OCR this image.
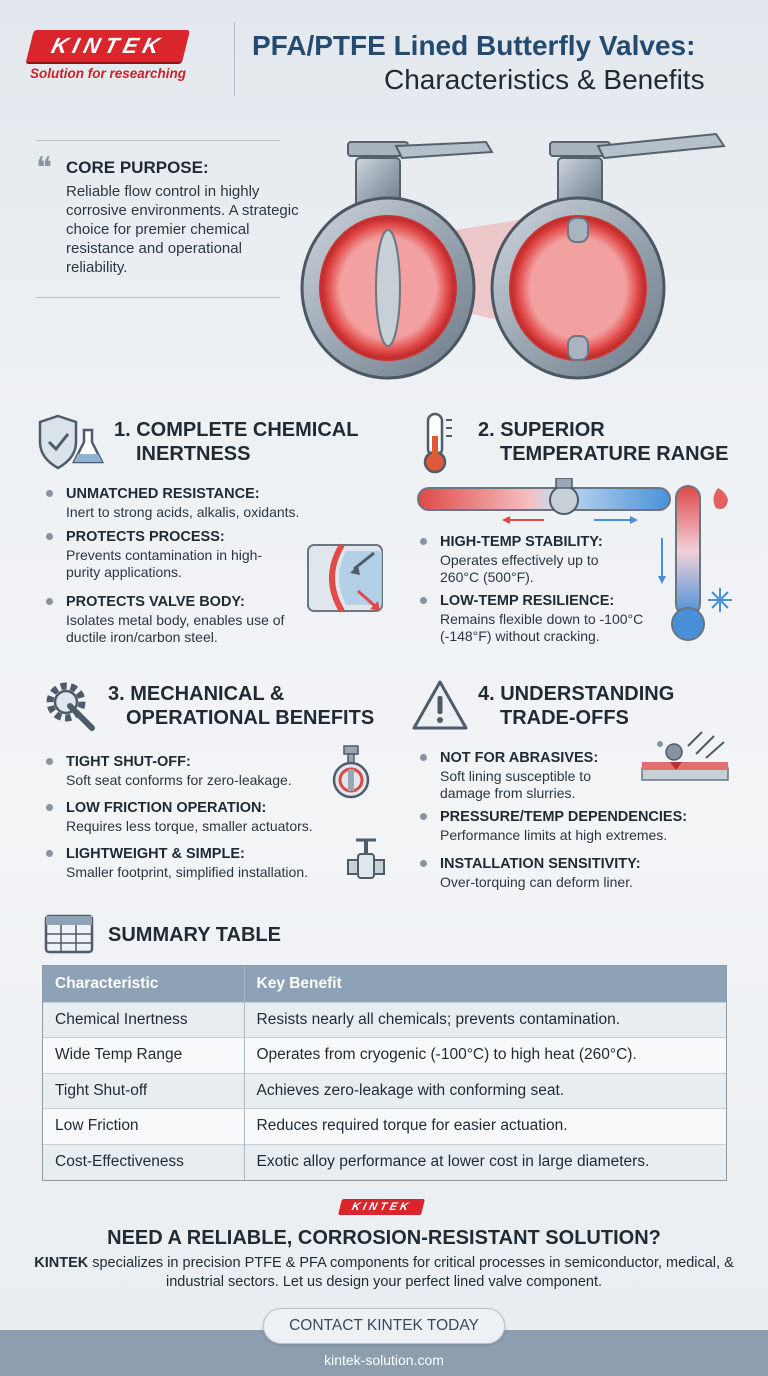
KINTEK
Solution for researching
PFA/PTFE Lined Butterfly Valves:
Characteristics & Benefits
❝ CORE PURPOSE:
Reliable flow control in highly corrosive environments. A strategic choice for premier chemical resistance and operational reliability.
1. COMPLETE CHEMICAL
INERTNESS
UNMATCHED RESISTANCE:
Inert to strong acids, alkalis, oxidants.
PROTECTS PROCESS:
Prevents contamination in high-purity applications.
PROTECTS VALVE BODY:
Isolates metal body, enables use of ductile iron/carbon steel.
2. SUPERIOR
TEMPERATURE RANGE
HIGH-TEMP STABILITY:
Operates effectively up to 260°C (500°F).
LOW-TEMP RESILIENCE:
Remains flexible down to -100°C (-148°F) without cracking.
3. MECHANICAL &
OPERATIONAL BENEFITS
TIGHT SHUT-OFF:
Soft seat conforms for zero-leakage.
LOW FRICTION OPERATION:
Requires less torque, smaller actuators.
LIGHTWEIGHT & SIMPLE:
Smaller footprint, simplified installation.
4. UNDERSTANDING
TRADE-OFFS
NOT FOR ABRASIVES:
Soft lining susceptible to damage from slurries.
PRESSURE/TEMP DEPENDENCIES:
Performance limits at high extremes.
INSTALLATION SENSITIVITY:
Over-torquing can deform liner.
SUMMARY TABLE
Characteristic	Key Benefit
Chemical Inertness	Resists nearly all chemicals; prevents contamination.
Wide Temp Range	Operates from cryogenic (-100°C) to high heat (260°C).
Tight Shut-off	Achieves zero-leakage with conforming seat.
Low Friction	Reduces required torque for easier actuation.
Cost-Effectiveness	Exotic alloy performance at lower cost in large diameters.
KINTEK
NEED A RELIABLE, CORROSION-RESISTANT SOLUTION?
KINTEK specializes in precision PTFE & PFA components for critical processes in semiconductor, medical, & industrial sectors. Let us design your perfect lined valve component.
CONTACT KINTEK TODAY
kintek-solution.com
